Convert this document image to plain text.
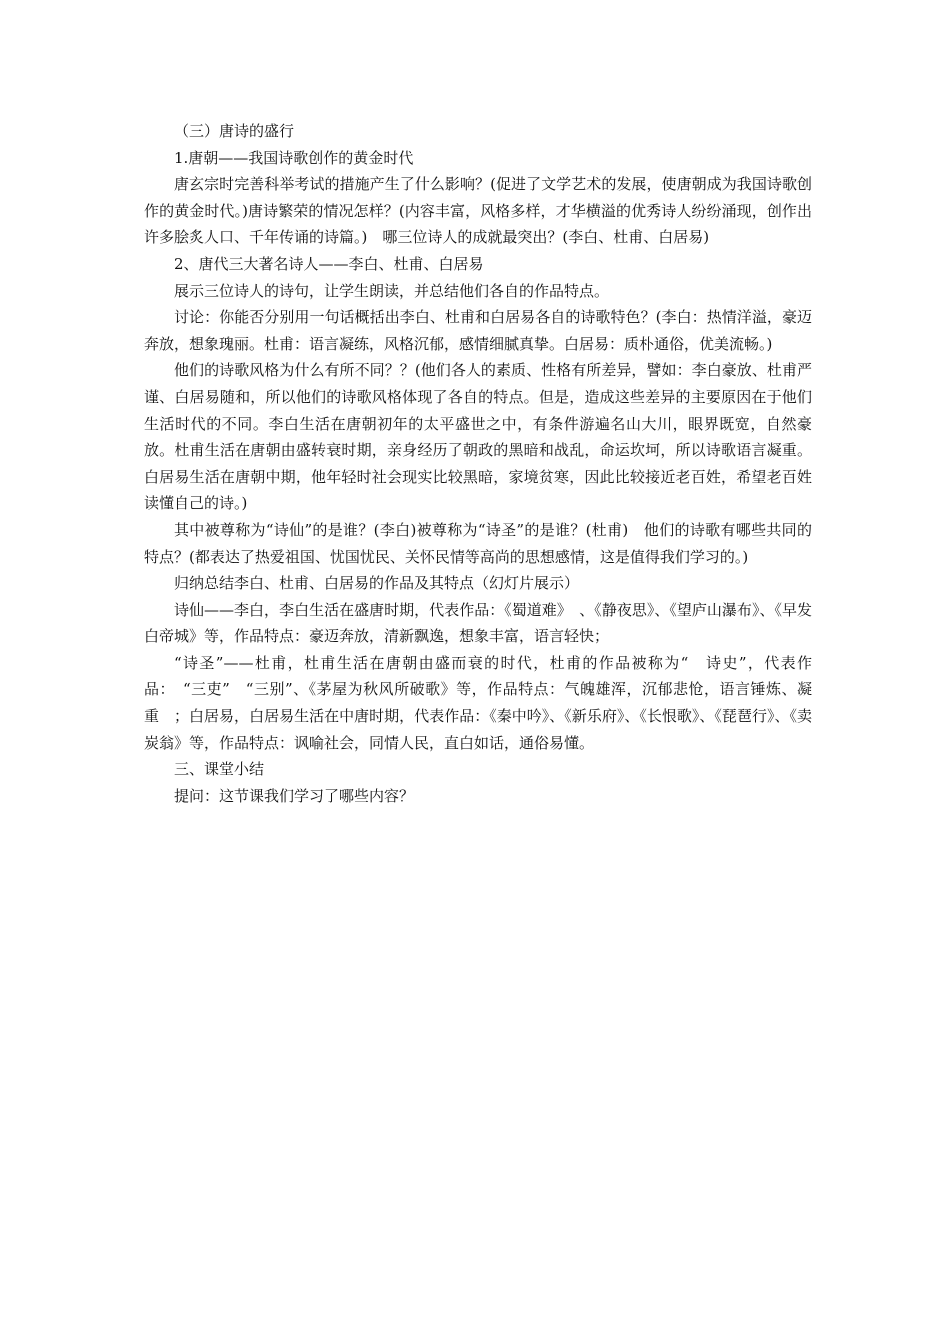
（三）唐诗的盛行

1.唐朝——我国诗歌创作的黄金时代

唐玄宗时完善科举考试的措施产生了什么影响？(促进了文学艺术的发展，使唐朝成为我国诗歌创作的黄金时代。)唐诗繁荣的情况怎样？(内容丰富，风格多样，才华横溢的优秀诗人纷纷涌现，创作出许多脍炙人口、千年传诵的诗篇。)　哪三位诗人的成就最突出？(李白、杜甫、白居易)

2、唐代三大著名诗人——李白、杜甫、白居易

展示三位诗人的诗句，让学生朗读，并总结他们各自的作品特点。

讨论：你能否分别用一句话概括出李白、杜甫和白居易各自的诗歌特色？(李白：热情洋溢，豪迈奔放，想象瑰丽。杜甫：语言凝练，风格沉郁，感情细腻真挚。白居易：质朴通俗，优美流畅。)

他们的诗歌风格为什么有所不同？？(他们各人的素质、性格有所差异，譬如：李白豪放、杜甫严谨、白居易随和，所以他们的诗歌风格体现了各自的特点。但是，造成这些差异的主要原因在于他们生活时代的不同。李白生活在唐朝初年的太平盛世之中，有条件游遍名山大川，眼界既宽，自然豪放。杜甫生活在唐朝由盛转衰时期，亲身经历了朝政的黑暗和战乱，命运坎坷，所以诗歌语言凝重。白居易生活在唐朝中期，他年轻时社会现实比较黑暗，家境贫寒，因此比较接近老百姓，希望老百姓读懂自己的诗。)

其中被尊称为“诗仙”的是谁？(李白)被尊称为“诗圣”的是谁？(杜甫)　他们的诗歌有哪些共同的特点？(都表达了热爱祖国、忧国忧民、关怀民情等高尚的思想感情，这是值得我们学习的。)

归纳总结李白、杜甫、白居易的作品及其特点（幻灯片展示）

诗仙——李白，李白生活在盛唐时期，代表作品：《蜀道难》　、《静夜思》、《望庐山瀑布》、《早发白帝城》等，作品特点：豪迈奔放，清新飘逸，想象丰富，语言轻快；

“诗圣”——杜甫，杜甫生活在唐朝由盛而衰的时代，杜甫的作品被称为“　诗史”，代表作品：　“三吏”　“三别”、《茅屋为秋风所破歌》等，作品特点：气魄雄浑，沉郁悲怆，语言锤炼、凝重　；白居易，白居易生活在中唐时期，代表作品：《秦中吟》、《新乐府》、《长恨歌》、《琵琶行》、《卖炭翁》等，作品特点：讽喻社会，同情人民，直白如话，通俗易懂。

三、课堂小结

提问：这节课我们学习了哪些内容？
